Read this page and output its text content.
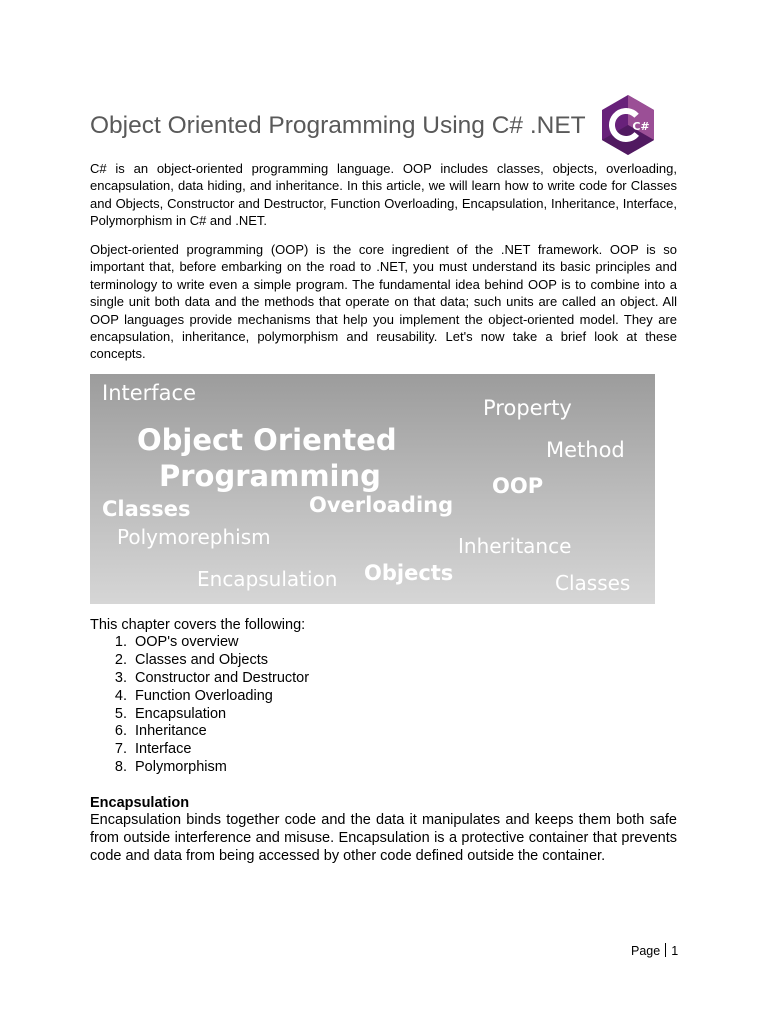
Object Oriented Programming Using C# .NET	C#

C# is an object-oriented programming language. OOP includes classes, objects, overloading, encapsulation, data hiding, and inheritance. In this article, we will learn how to write code for Classes and Objects, Constructor and Destructor, Function Overloading, Encapsulation, Inheritance, Interface, Polymorphism in C# and .NET.

Object-oriented programming (OOP) is the core ingredient of the .NET framework. OOP is so important that, before embarking on the road to .NET, you must understand its basic principles and terminology to write even a simple program. The fundamental idea behind OOP is to combine into a single unit both data and the methods that operate on that data; such units are called an object. All OOP languages provide mechanisms that help you implement the object-oriented model. They are encapsulation, inheritance, polymorphism and reusability. Let's now take a brief look at these concepts.

Interface
Property
Object Oriented
Programming
Method
OOP
Classes	Overloading
Polymorephism	Inheritance
Encapsulation Objects	Classes
This chapter covers the following:
1. OOP's overview
2. Classes and Objects
3. Constructor and Destructor
4. Function Overloading
5. Encapsulation
6. Inheritance
7. Interface
8. Polymorphism
Encapsulation

Encapsulation binds together code and the data it manipulates and keeps them both safe from outside interference and misuse. Encapsulation is a protective container that prevents code and data from being accessed by other code defined outside the container.

Page 1
